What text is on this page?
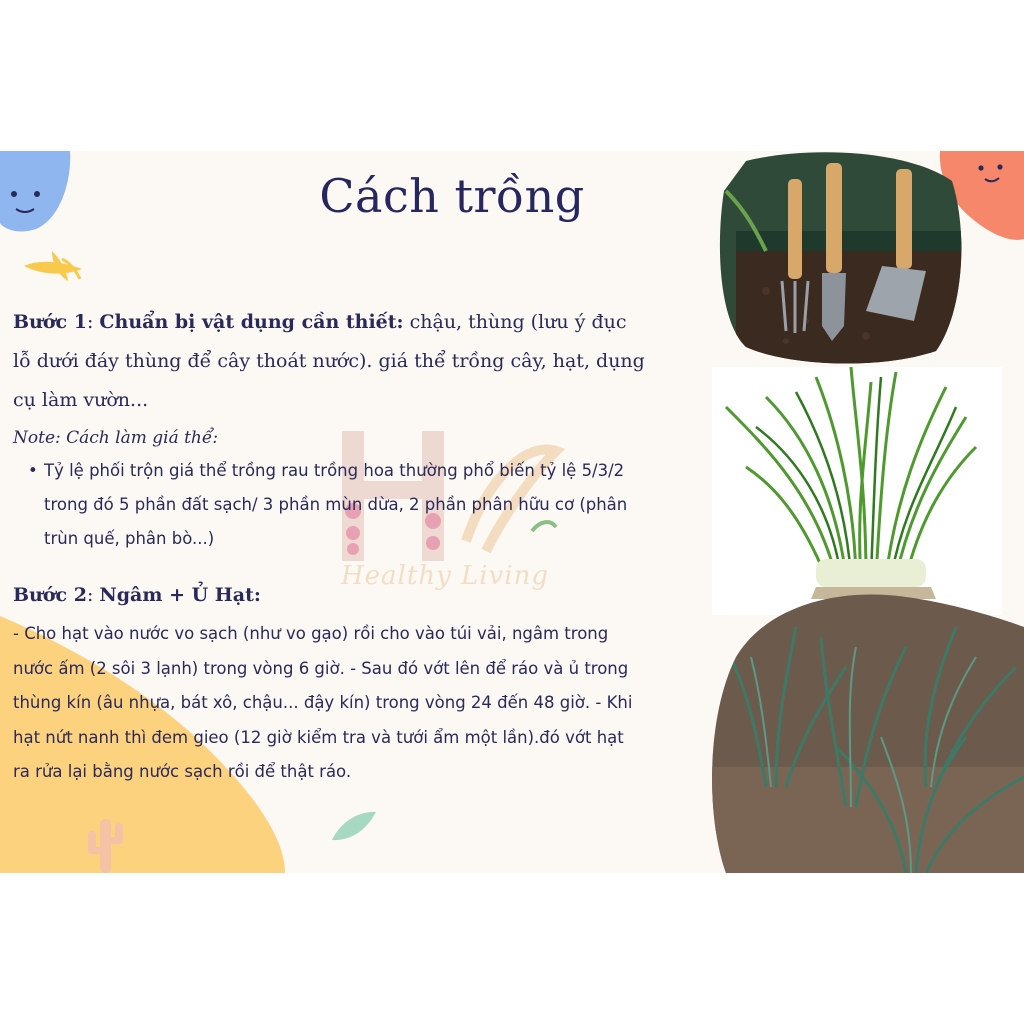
Healthy Living
Cách trồng
Bước 1: Chuẩn bị vật dụng cần thiết: chậu, thùng (lưu ý đục
lỗ dưới đáy thùng để cây thoát nước). giá thể trồng cây, hạt, dụng
cụ làm vườn...
Note: Cách làm giá thể:
• Tỷ lệ phối trộn giá thể trồng rau trồng hoa thường phổ biến tỷ lệ 5/3/2
trong đó 5 phần đất sạch/ 3 phần mùn dừa, 2 phần phân hữu cơ (phân
trùn quế, phân bò...)
Bước 2: Ngâm + Ủ Hạt:
- Cho hạt vào nước vo sạch (như vo gạo) rồi cho vào túi vải, ngâm trong
nước ấm (2 sôi 3 lạnh) trong vòng 6 giờ. - Sau đó vớt lên để ráo và ủ trong
thùng kín (âu nhựa, bát xô, chậu... đậy kín) trong vòng 24 đến 48 giờ. - Khi
hạt nứt nanh thì đem gieo (12 giờ kiểm tra và tưới ẩm một lần).đó vớt hạt
ra rửa lại bằng nước sạch rồi để thật ráo.
